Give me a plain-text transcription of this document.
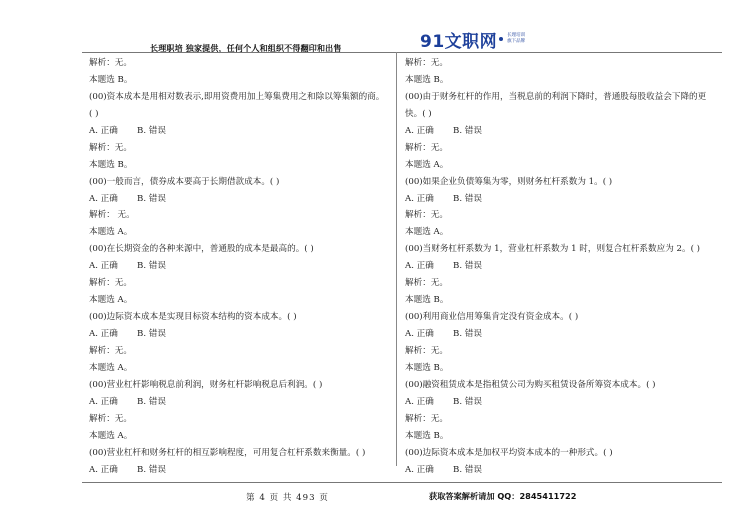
长理职培 独家提供，任何个人和组织不得翻印和出售	91文职网 长理培训
旗下品牌
解析：无。
本题选 B。
(00)资本成本是用相对数表示,即用资费用加上筹集费用之和除以筹集额的商。
( )
A. 正确 B. 错误
解析：无。
本题选 B。
(00)一般而言，债券成本要高于长期借款成本。( )
A. 正确 B. 错误
解析： 无。
本题选 A。
(00)在长期资金的各种来源中，普通股的成本是最高的。( )
A. 正确 B. 错误
解析：无。
本题选 A。
(00)边际资本成本是实现目标资本结构的资本成本。( )
A. 正确 B. 错误
解析：无。
本题选 A。
(00)营业杠杆影响税息前利润，财务杠杆影响税息后利润。( )
A. 正确 B. 错误
解析：无。
本题选 A。
(00)营业杠杆和财务杠杆的相互影响程度，可用复合杠杆系数来衡量。( )
A. 正确 B. 错误
解析：无。
本题选 B。
(00)由于财务杠杆的作用，当税息前的利润下降时，普通股每股收益会下降的更
快。( )
A. 正确 B. 错误
解析：无。
本题选 A。
(00)如果企业负债筹集为零，则财务杠杆系数为 1。( )
A. 正确 B. 错误
解析：无。
本题选 A。
(00)当财务杠杆系数为 1，营业杠杆系数为 1 时，则复合杠杆系数应为 2。( )
A. 正确 B. 错误
解析：无。
本题选 B。
(00)利用商业信用筹集肯定没有资金成本。( )
A. 正确 B. 错误
解析：无。
本题选 B。
(00)融资租赁成本是指租赁公司为购买租赁设备所筹资本成本。( )
A. 正确 B. 错误
解析：无。
本题选 B。
(00)边际资本成本是加权平均资本成本的一种形式。( )
A. 正确 B. 错误
第 4 页 共 493 页	获取答案解析请加 QQ：2845411722
